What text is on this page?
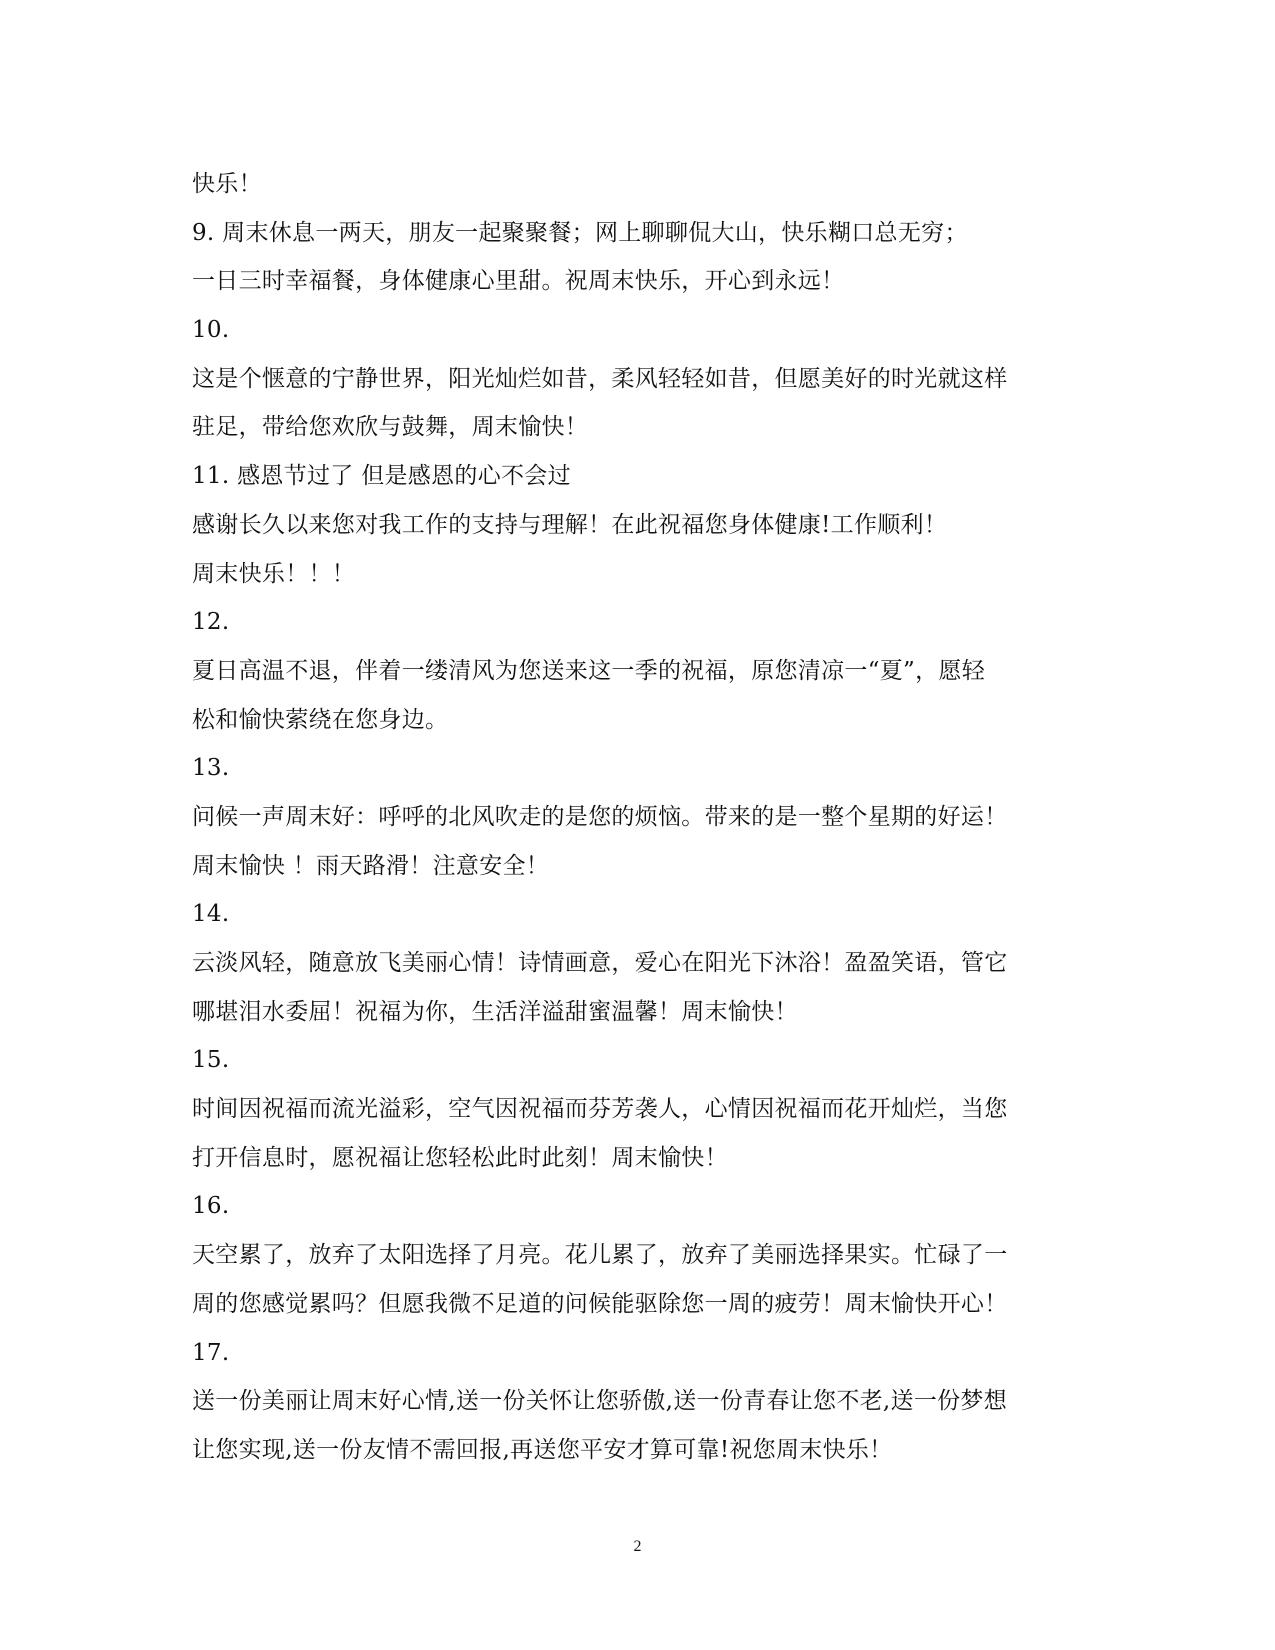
快乐！
9. 周末休息一两天，朋友一起聚聚餐；网上聊聊侃大山，快乐糊口总无穷；
一日三时幸福餐，身体健康心里甜。祝周末快乐，开心到永远！
10.
这是个惬意的宁静世界，阳光灿烂如昔，柔风轻轻如昔，但愿美好的时光就这样
驻足，带给您欢欣与鼓舞，周末愉快！
11. 感恩节过了 但是感恩的心不会过
感谢长久以来您对我工作的支持与理解！在此祝福您身体健康!工作顺利！
周末快乐！！！
12.
夏日高温不退，伴着一缕清风为您送来这一季的祝福，原您清凉一“夏”，愿轻
松和愉快萦绕在您身边。
13.
问候一声周末好：呼呼的北风吹走的是您的烦恼。带来的是一整个星期的好运！
周末愉快 ！雨天路滑！注意安全！
14.
云淡风轻，随意放飞美丽心情！诗情画意，爱心在阳光下沐浴！盈盈笑语，管它
哪堪泪水委屈！祝福为你，生活洋溢甜蜜温馨！周末愉快！
15.
时间因祝福而流光溢彩，空气因祝福而芬芳袭人，心情因祝福而花开灿烂，当您
打开信息时，愿祝福让您轻松此时此刻！周末愉快！
16.
天空累了，放弃了太阳选择了月亮。花儿累了，放弃了美丽选择果实。忙碌了一
周的您感觉累吗？但愿我微不足道的问候能驱除您一周的疲劳！周末愉快开心！
17.
送一份美丽让周末好心情,送一份关怀让您骄傲,送一份青春让您不老,送一份梦想
让您实现,送一份友情不需回报,再送您平安才算可靠!祝您周末快乐！
2
